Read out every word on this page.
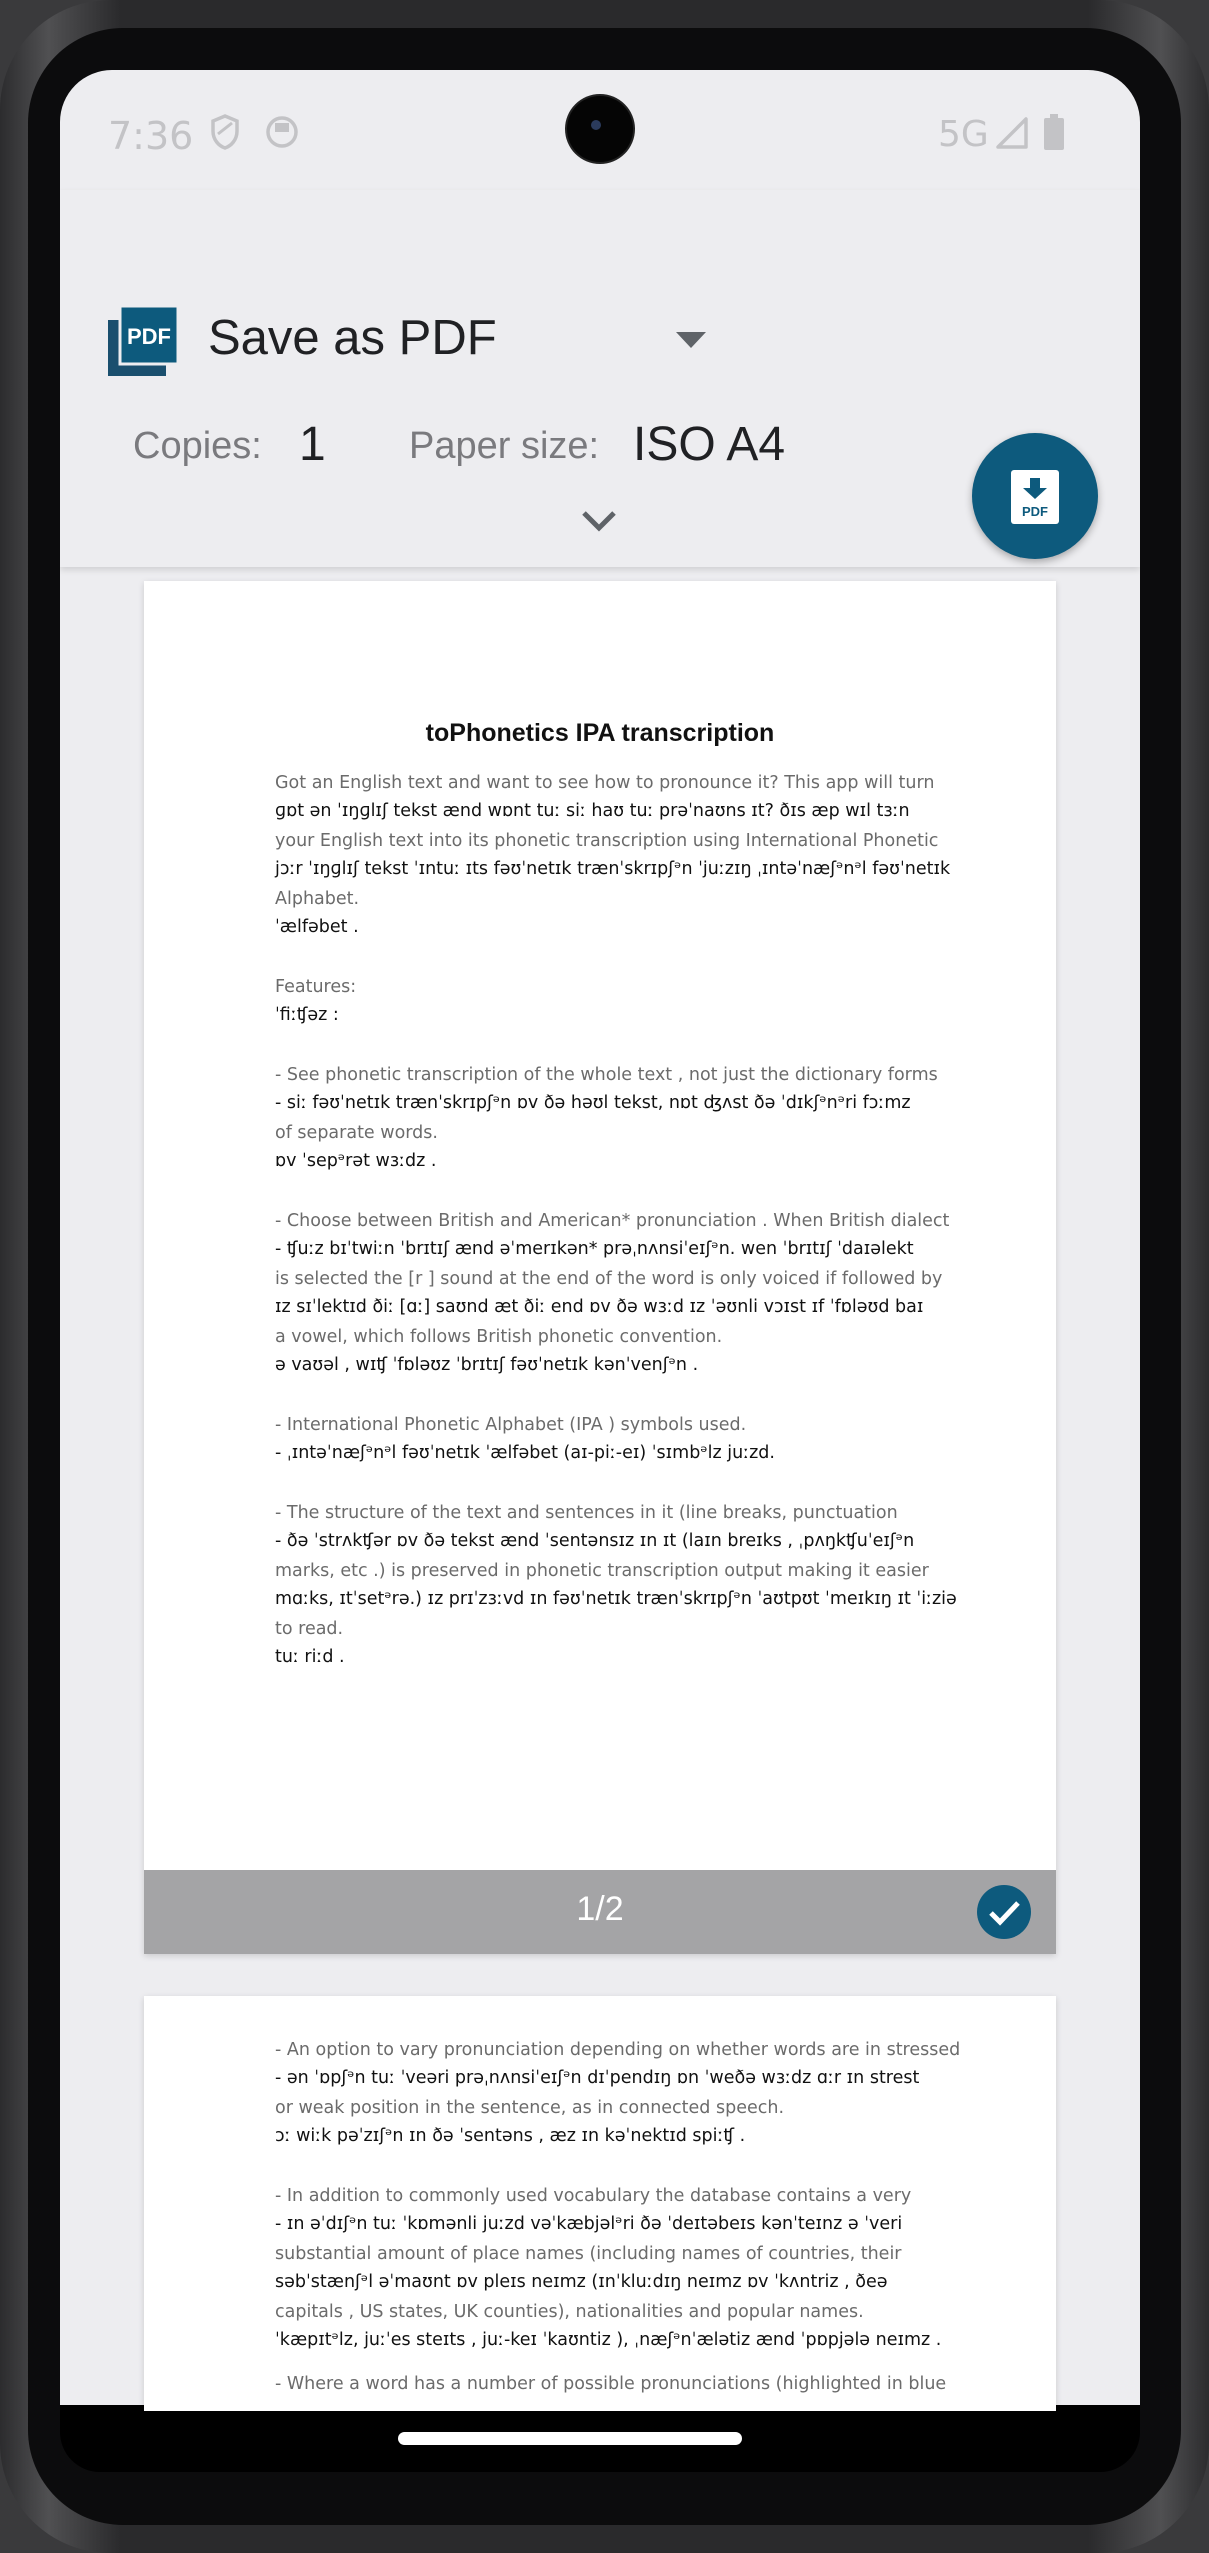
7:36	5G
PDF Save as PDF
Copies: 1 Paper size: ISO A4
PDF
toPhonetics IPA transcription
Got an English text and want to see how to pronounce it? This app will turn
ɡɒt ən ˈɪŋɡlɪʃ tekst ænd wɒnt tuː siː haʊ tuː prəˈnaʊns ɪt? ðɪs æp wɪl tɜːn
your English text into its phonetic transcription using International Phonetic
jɔːr ˈɪŋɡlɪʃ tekst ˈɪntuː ɪts fəʊˈnetɪk trænˈskrɪpʃᵊn ˈjuːzɪŋ ˌɪntəˈnæʃᵊnᵊl fəʊˈnetɪk
Alphabet.
ˈælfəbet .
Features:
ˈfiːʧəz :
- See phonetic transcription of the whole text , not just the dictionary forms
- siː fəʊˈnetɪk trænˈskrɪpʃᵊn ɒv ðə həʊl tekst, nɒt ʤʌst ðə ˈdɪkʃᵊnᵊri fɔːmz
of separate words.
ɒv ˈsepᵊrət wɜːdz .
- Choose between British and American* pronunciation . When British dialect
- ʧuːz bɪˈtwiːn ˈbrɪtɪʃ ænd əˈmerɪkən* prəˌnʌnsiˈeɪʃᵊn. wen ˈbrɪtɪʃ ˈdaɪəlekt
is selected the [r ] sound at the end of the word is only voiced if followed by
ɪz sɪˈlektɪd ðiː [ɑː] saʊnd æt ðiː end ɒv ðə wɜːd ɪz ˈəʊnli vɔɪst ɪf ˈfɒləʊd baɪ
a vowel, which follows British phonetic convention.
ə vaʊəl , wɪʧ ˈfɒləʊz ˈbrɪtɪʃ fəʊˈnetɪk kənˈvenʃᵊn .
- International Phonetic Alphabet (IPA ) symbols used.
- ˌɪntəˈnæʃᵊnᵊl fəʊˈnetɪk ˈælfəbet (aɪ-piː-eɪ) ˈsɪmbᵊlz juːzd.
- The structure of the text and sentences in it (line breaks, punctuation
- ðə ˈstrʌkʧər ɒv ðə tekst ænd ˈsentənsɪz ɪn ɪt (laɪn breɪks , ˌpʌŋkʧuˈeɪʃᵊn
marks, etc .) is preserved in phonetic transcription output making it easier
mɑːks, ɪtˈsetᵊrə.) ɪz prɪˈzɜːvd ɪn fəʊˈnetɪk trænˈskrɪpʃᵊn ˈaʊtpʊt ˈmeɪkɪŋ ɪt ˈiːziə
to read.
tuː riːd .
1/2
- An option to vary pronunciation depending on whether words are in stressed
- ən ˈɒpʃᵊn tuː ˈveəri prəˌnʌnsiˈeɪʃᵊn dɪˈpendɪŋ ɒn ˈweðə wɜːdz ɑːr ɪn strest
or weak position in the sentence, as in connected speech.
ɔː wiːk pəˈzɪʃᵊn ɪn ðə ˈsentəns , æz ɪn kəˈnektɪd spiːʧ .
- In addition to commonly used vocabulary the database contains a very
- ɪn əˈdɪʃᵊn tuː ˈkɒmənli juːzd vəˈkæbjəlᵊri ðə ˈdeɪtəbeɪs kənˈteɪnz ə ˈveri
substantial amount of place names (including names of countries, their
səbˈstænʃᵊl əˈmaʊnt ɒv pleɪs neɪmz (ɪnˈkluːdɪŋ neɪmz ɒv ˈkʌntriz , ðeə
capitals , US states, UK counties), nationalities and popular names.
ˈkæpɪtᵊlz, juːˈes steɪts , juː-keɪ ˈkaʊntiz ), ˌnæʃᵊnˈælətiz ænd ˈpɒpjələ neɪmz .
- Where a word has a number of possible pronunciations (highlighted in blue
